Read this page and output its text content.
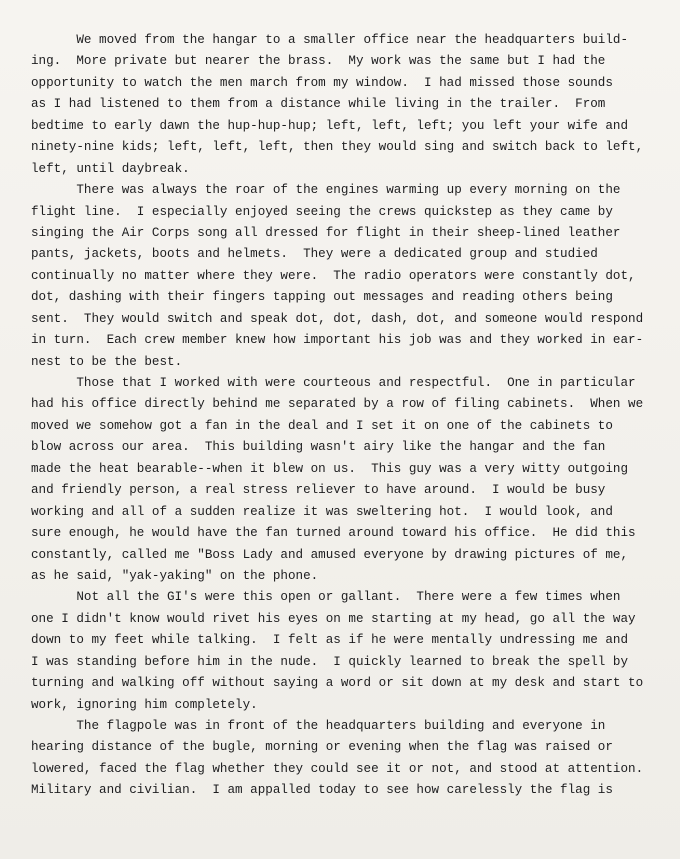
We moved from the hangar to a smaller office near the headquarters build-
ing.  More private but nearer the brass.  My work was the same but I had the
opportunity to watch the men march from my window.  I had missed those sounds
as I had listened to them from a distance while living in the trailer.  From
bedtime to early dawn the hup-hup-hup; left, left, left; you left your wife and
ninety-nine kids; left, left, left, then they would sing and switch back to left,
left, until daybreak.
There was always the roar of the engines warming up every morning on the
flight line.  I especially enjoyed seeing the crews quickstep as they came by
singing the Air Corps song all dressed for flight in their sheep-lined leather
pants, jackets, boots and helmets.  They were a dedicated group and studied
continually no matter where they were.  The radio operators were constantly dot,
dot, dashing with their fingers tapping out messages and reading others being
sent.  They would switch and speak dot, dot, dash, dot, and someone would respond
in turn.  Each crew member knew how important his job was and they worked in ear-
nest to be the best.
Those that I worked with were courteous and respectful.  One in particular
had his office directly behind me separated by a row of filing cabinets.  When we
moved we somehow got a fan in the deal and I set it on one of the cabinets to
blow across our area.  This building wasn't airy like the hangar and the fan
made the heat bearable--when it blew on us.  This guy was a very witty outgoing
and friendly person, a real stress reliever to have around.  I would be busy
working and all of a sudden realize it was sweltering hot.  I would look, and
sure enough, he would have the fan turned around toward his office.  He did this
constantly, called me "Boss Lady and amused everyone by drawing pictures of me,
as he said, "yak-yaking" on the phone.
Not all the GI's were this open or gallant.  There were a few times when
one I didn't know would rivet his eyes on me starting at my head, go all the way
down to my feet while talking.  I felt as if he were mentally undressing me and
I was standing before him in the nude.  I quickly learned to break the spell by
turning and walking off without saying a word or sit down at my desk and start to
work, ignoring him completely.
The flagpole was in front of the headquarters building and everyone in
hearing distance of the bugle, morning or evening when the flag was raised or
lowered, faced the flag whether they could see it or not, and stood at attention.
Military and civilian.  I am appalled today to see how carelessly the flag is
